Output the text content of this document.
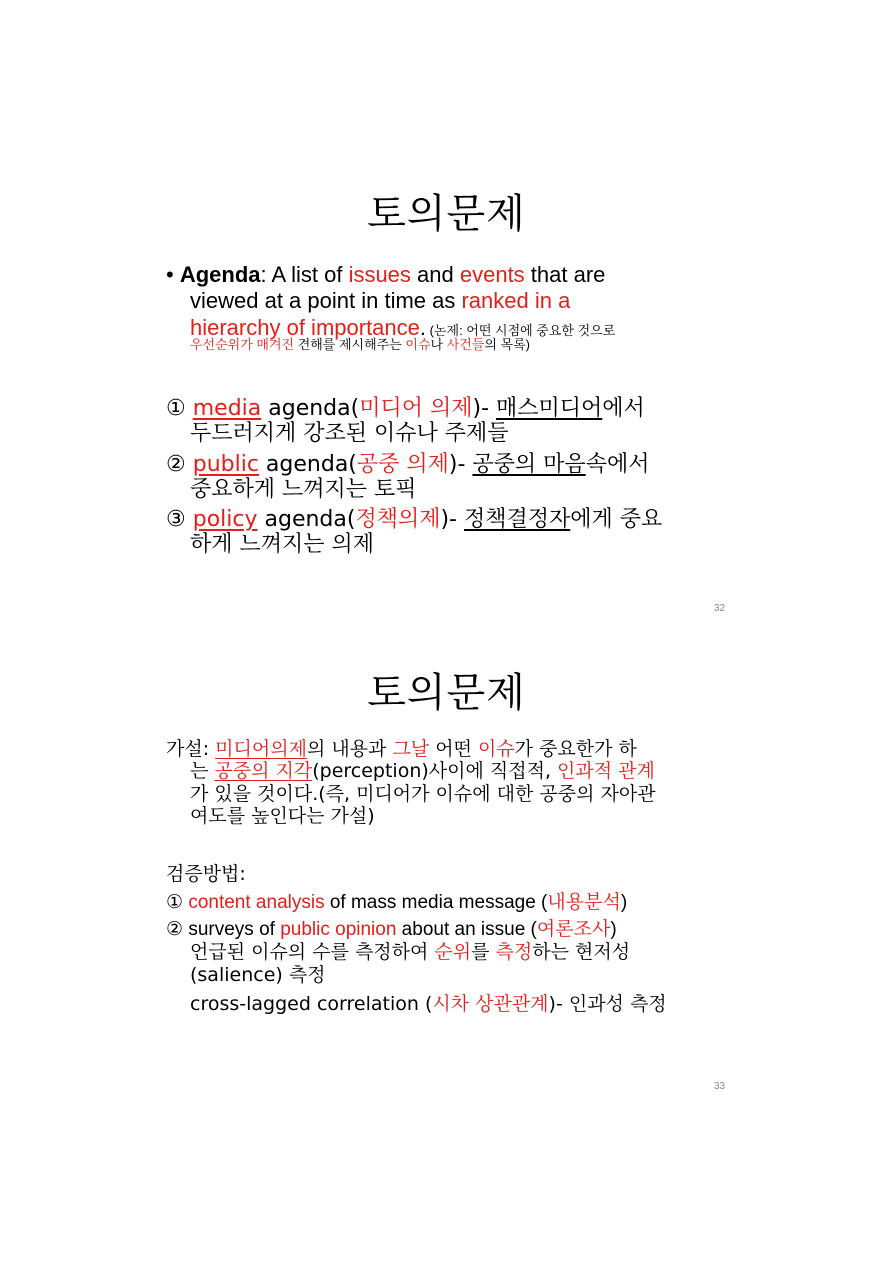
토의문제
• Agenda: A list of issues and events that are
viewed at a point in time as ranked in a
hierarchy of importance. (논제: 어떤 시점에 중요한 것으로
우선순위가 매겨진 견해를 제시해주는 이슈나 사건들의 목록)
① media agenda(미디어 의제)- 매스미디어에서
두드러지게 강조된 이슈나 주제들
② public agenda(공중 의제)- 공중의 마음속에서
중요하게 느껴지는 토픽
③ policy agenda(정책의제)- 정책결정자에게 중요
하게 느껴지는 의제
32
토의문제
가설: 미디어의제의 내용과 그날 어떤 이슈가 중요한가 하
는 공중의 지각(perception)사이에 직접적, 인과적 관계
가 있을 것이다.(즉, 미디어가 이슈에 대한 공중의 자아관
여도를 높인다는 가설)
검증방법:
① content analysis of mass media message (내용분석)
② surveys of public opinion about an issue (여론조사)
언급된 이슈의 수를 측정하여 순위를 측정하는 현저성
(salience) 측정
cross-lagged correlation (시차 상관관계)- 인과성 측정
33
